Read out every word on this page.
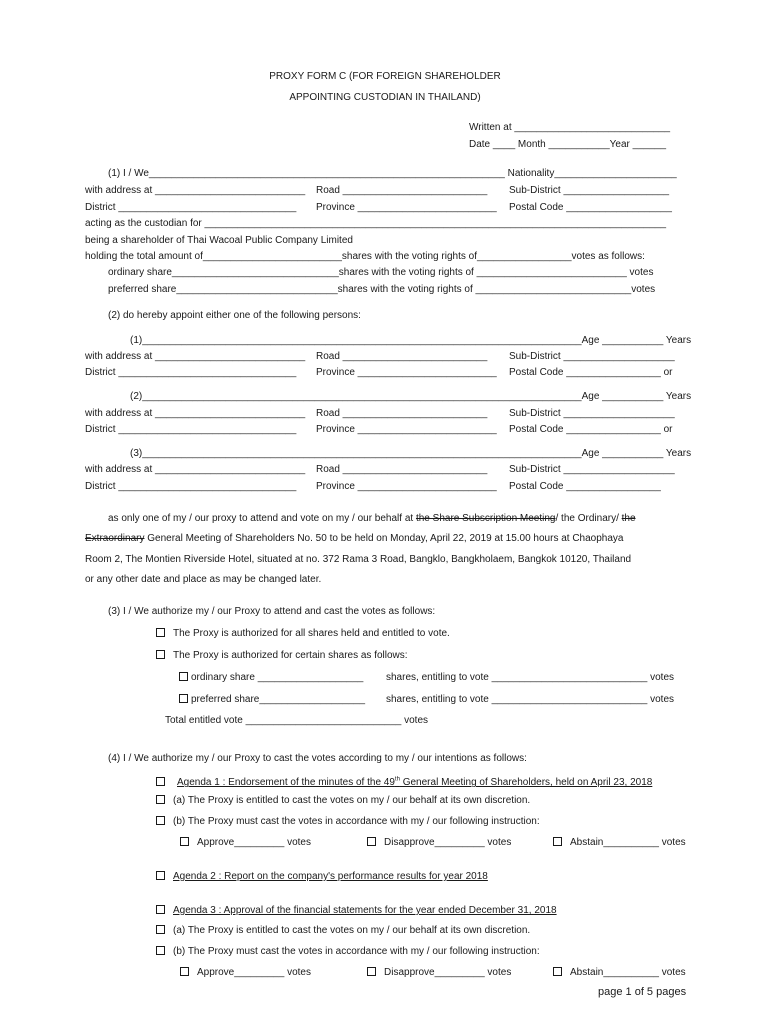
PROXY FORM C (FOR FOREIGN SHAREHOLDER
APPOINTING CUSTODIAN IN THAILAND)
Written at ____________________________
Date ____ Month ___________Year ______
(1) I / We________________________________________________________________ Nationality______________________
with address at ___________________________ Road __________________________ Sub-District ___________________
District ________________________________ Province _________________________ Postal Code ___________________
acting as the custodian for ___________________________________________________________________________________
being a shareholder of Thai Wacoal Public Company Limited
holding the total amount of_________________________shares with the voting rights of_________________votes as follows:
ordinary share______________________________shares with the voting rights of ___________________________ votes
preferred share_____________________________shares with the voting rights of ____________________________votes
(2) do hereby appoint either one of the following persons:
(1)_______________________________________________________________________________Age ___________ Years
with address at ___________________________ Road __________________________ Sub-District ____________________
District ________________________________ Province _________________________ Postal Code _________________ or
(2)_______________________________________________________________________________Age ___________ Years
with address at ___________________________ Road __________________________ Sub-District ____________________
District ________________________________ Province _________________________ Postal Code _________________ or
(3)_______________________________________________________________________________Age ___________ Years
with address at ___________________________ Road __________________________ Sub-District ____________________
District ________________________________ Province _________________________ Postal Code _________________
as only one of my / our proxy to attend and vote on my / our behalf at the Share Subscription Meeting/ the Ordinary/ the
Extraordinary General Meeting of Shareholders No. 50 to be held on Monday, April 22, 2019 at 15.00 hours at Chaophaya
Room 2, The Montien Riverside Hotel, situated at no. 372 Rama 3 Road, Bangklo, Bangkholaem, Bangkok 10120, Thailand
or any other date and place as may be changed later.
(3) I / We authorize my / our Proxy to attend and cast the votes as follows:
The Proxy is authorized for all shares held and entitled to vote.
The Proxy is authorized for certain shares as follows:
ordinary share ___________________ shares, entitling to vote ____________________________ votes
preferred share___________________ shares, entitling to vote ____________________________ votes
Total entitled vote ____________________________ votes
(4) I / We authorize my / our Proxy to cast the votes according to my / our intentions as follows:
Agenda 1 : Endorsement of the minutes of the 49th General Meeting of Shareholders, held on April 23, 2018
(a) The Proxy is entitled to cast the votes on my / our behalf at its own discretion.
(b) The Proxy must cast the votes in accordance with my / our following instruction:
Approve_________ votes	Disapprove_________ votes	Abstain__________ votes
Agenda 2 : Report on the company's performance results for year 2018
Agenda 3 : Approval of the financial statements for the year ended December 31, 2018
(a) The Proxy is entitled to cast the votes on my / our behalf at its own discretion.
(b) The Proxy must cast the votes in accordance with my / our following instruction:
Approve_________ votes	Disapprove_________ votes	Abstain__________ votes
page 1 of 5 pages
